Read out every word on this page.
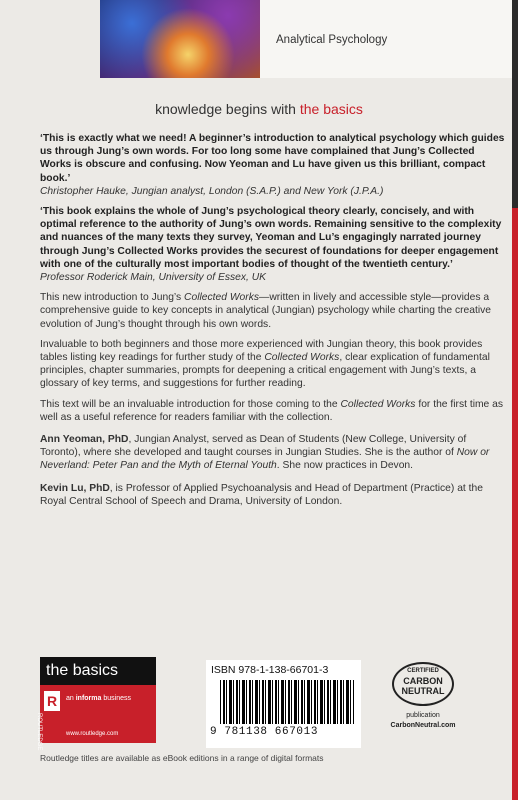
Analytical Psychology
knowledge begins with the basics
‘This is exactly what we need! A beginner’s introduction to analytical psychology which guides us through Jung’s own words. For too long some have complained that Jung’s Collected Works is obscure and confusing. Now Yeoman and Lu have given us this brilliant, compact book.’
Christopher Hauke, Jungian analyst, London (S.A.P.) and New York (J.P.A.)
‘This book explains the whole of Jung’s psychological theory clearly, concisely, and with optimal reference to the authority of Jung’s own words. Remaining sensitive to the complexity and nuances of the many texts they survey, Yeoman and Lu’s engagingly narrated journey through Jung’s Collected Works provides the securest of foundations for deeper engagement with one of the culturally most important bodies of thought of the twentieth century.’
Professor Roderick Main, University of Essex, UK
This new introduction to Jung’s Collected Works—written in lively and accessible style—provides a comprehensive guide to key concepts in analytical (Jungian) psychology while charting the creative evolution of Jung’s thought through his own words.
Invaluable to both beginners and those more experienced with Jungian theory, this book provides tables listing key readings for further study of the Collected Works, clear explication of fundamental principles, chapter summaries, prompts for deepening a critical engagement with Jung’s texts, a glossary of key terms, and suggestions for further reading.
This text will be an invaluable introduction for those coming to the Collected Works for the first time as well as a useful reference for readers familiar with the collection.
Ann Yeoman, PhD, Jungian Analyst, served as Dean of Students (New College, University of Toronto), where she developed and taught courses in Jungian Studies. She is the author of Now or Neverland: Peter Pan and the Myth of Eternal Youth. She now practices in Devon.
Kevin Lu, PhD, is Professor of Applied Psychoanalysis and Head of Department (Practice) at the Royal Central School of Speech and Drama, University of London.
the basics
R
ROUTLEDGE
an informa business
www.routledge.com
ISBN 978-1-138-66701-3
9 781138 667013
CERTIFIED
CARBON
NEUTRAL
publication
CarbonNeutral.com
Routledge titles are available as eBook editions in a range of digital formats
